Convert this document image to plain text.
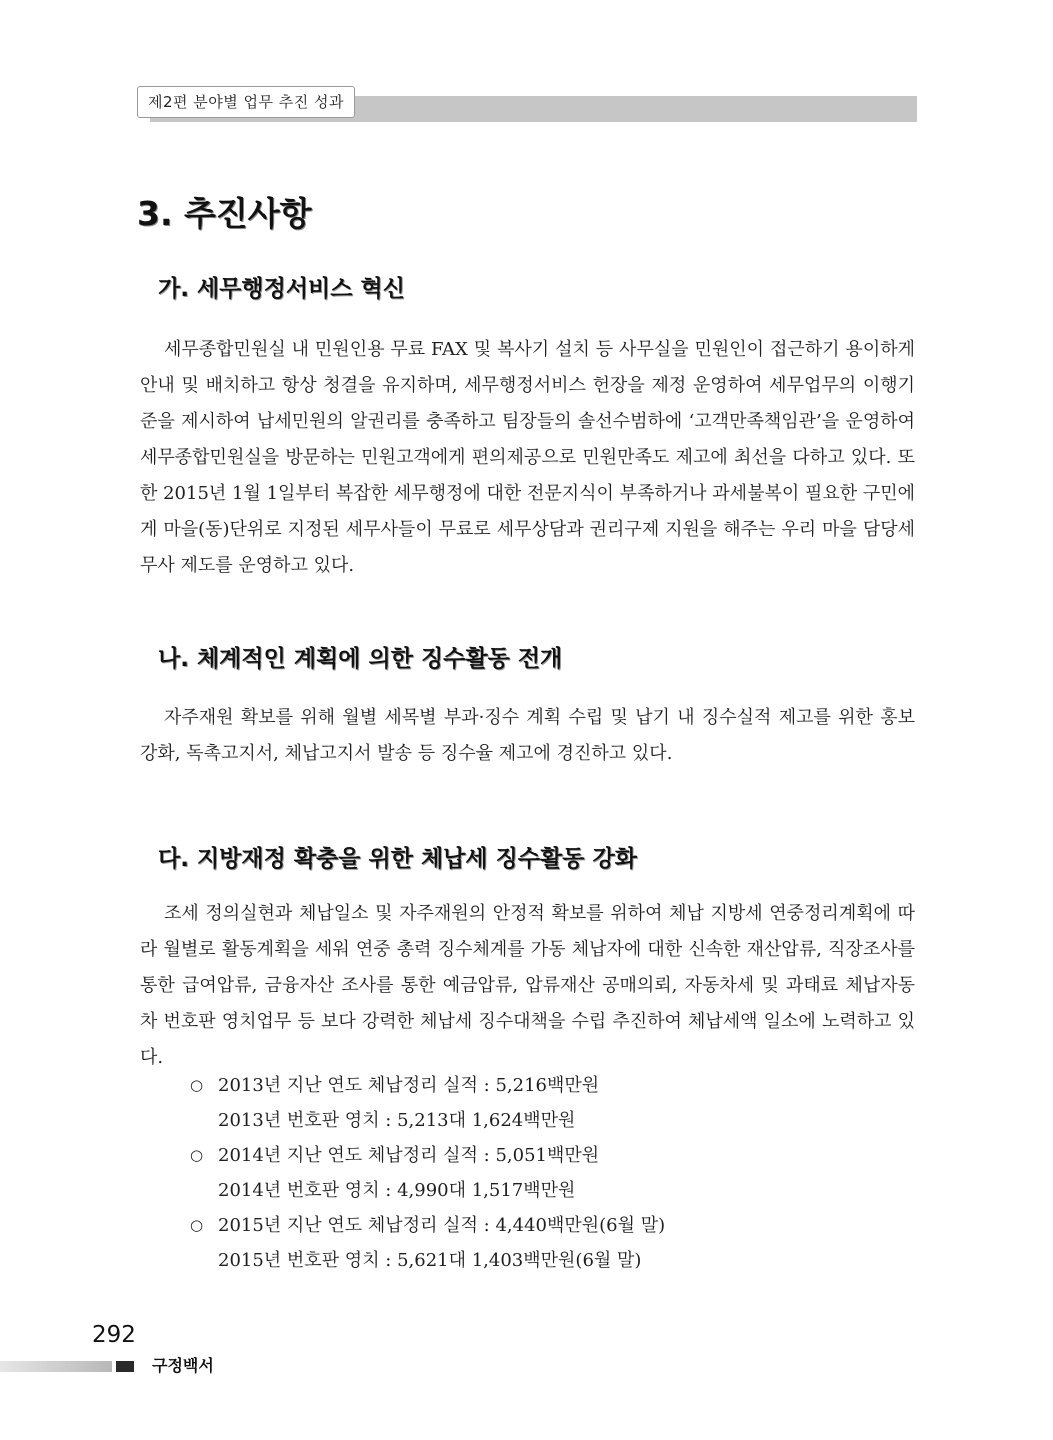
제2편 분야별 업무 추진 성과
3. 추진사항
가. 세무행정서비스 혁신

세무종합민원실 내 민원인용 무료 FAX 및 복사기 설치 등 사무실을 민원인이 접근하기 용이하게 안내 및 배치하고 항상 청결을 유지하며, 세무행정서비스 헌장을 제정 운영하여 세무업무의 이행기준을 제시하여 납세민원의 알권리를 충족하고 팀장들의 솔선수범하에 ‘고객만족책임관’을 운영하여 세무종합민원실을 방문하는 민원고객에게 편의제공으로 민원만족도 제고에 최선을 다하고 있다. 또한 2015년 1월 1일부터 복잡한 세무행정에 대한 전문지식이 부족하거나 과세불복이 필요한 구민에게 마을(동)단위로 지정된 세무사들이 무료로 세무상담과 권리구제 지원을 해주는 우리 마을 담당세무사 제도를 운영하고 있다.

나. 체계적인 계획에 의한 징수활동 전개

자주재원 확보를 위해 월별 세목별 부과·징수 계획 수립 및 납기 내 징수실적 제고를 위한 홍보 강화, 독촉고지서, 체납고지서 발송 등 징수율 제고에 경진하고 있다.

다. 지방재정 확충을 위한 체납세 징수활동 강화

조세 정의실현과 체납일소 및 자주재원의 안정적 확보를 위하여 체납 지방세 연중정리계획에 따라 월별로 활동계획을 세워 연중 총력 징수체계를 가동 체납자에 대한 신속한 재산압류, 직장조사를 통한 급여압류, 금융자산 조사를 통한 예금압류, 압류재산 공매의뢰, 자동차세 및 과태료 체납자동차 번호판 영치업무 등 보다 강력한 체납세 징수대책을 수립 추진하여 체납세액 일소에 노력하고 있다.

○ 2013년 지난 연도 체납정리 실적 : 5,216백만원
2013년 번호판 영치 : 5,213대 1,624백만원
○ 2014년 지난 연도 체납정리 실적 : 5,051백만원
2014년 번호판 영치 : 4,990대 1,517백만원
○ 2015년 지난 연도 체납정리 실적 : 4,440백만원(6월 말)
2015년 번호판 영치 : 5,621대 1,403백만원(6월 말)
292
구정백서
